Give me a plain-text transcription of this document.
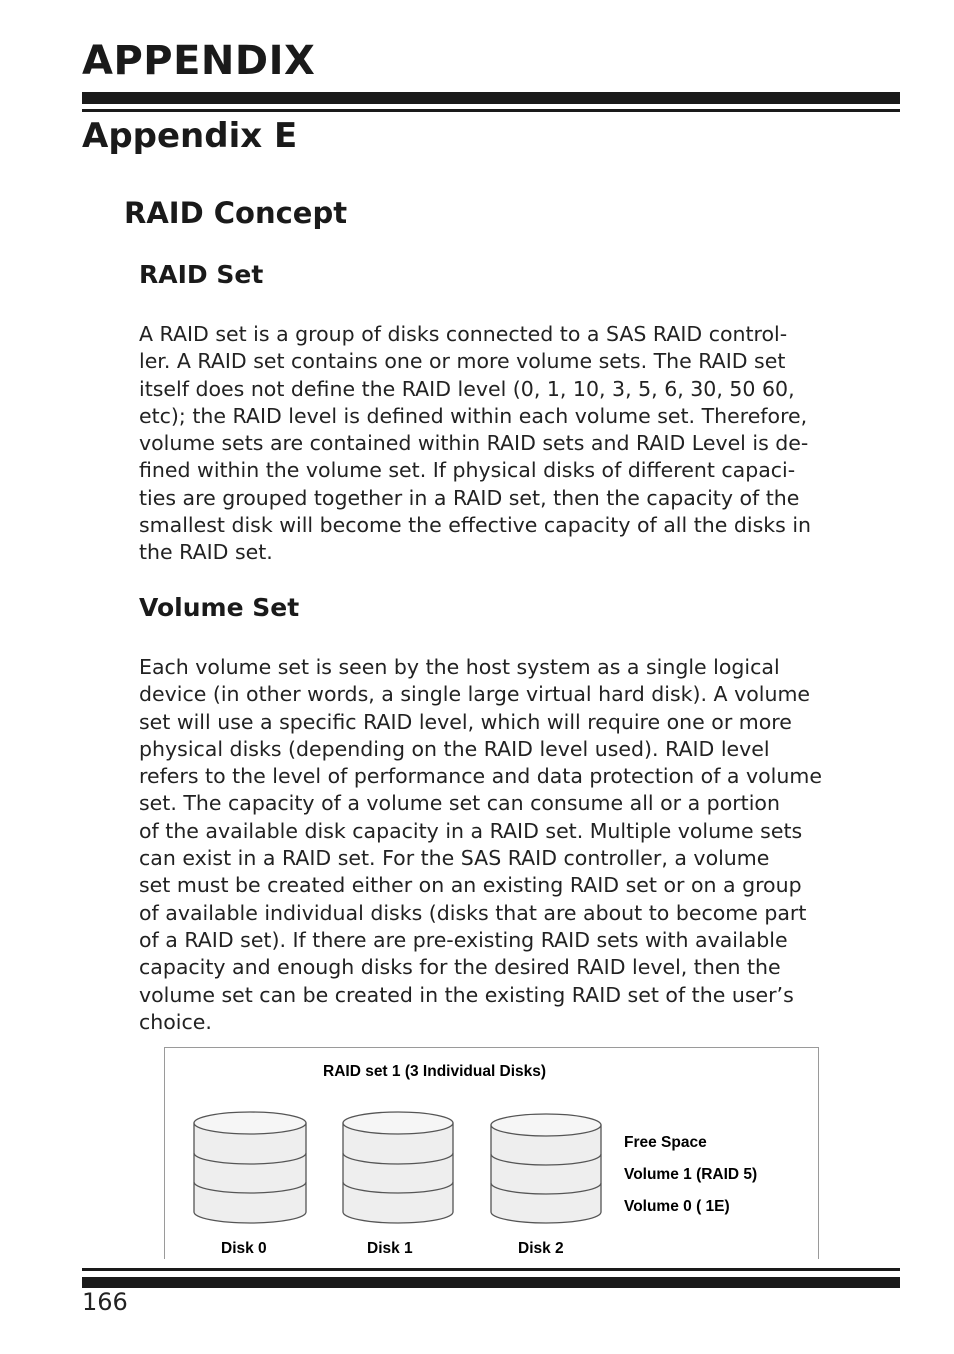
APPENDIX
Appendix E
RAID Concept
RAID Set

A RAID set is a group of disks connected to a SAS RAID control-
ler. A RAID set contains one or more volume sets. The RAID set
itself does not define the RAID level (0, 1, 10, 3, 5, 6, 30, 50 60,
etc); the RAID level is defined within each volume set. Therefore,
volume sets are contained within RAID sets and RAID Level is de-
fined within the volume set. If physical disks of different capaci-
ties are grouped together in a RAID set, then the capacity of the
smallest disk will become the effective capacity of all the disks in
the RAID set.

Volume Set

Each volume set is seen by the host system as a single logical
device (in other words, a single large virtual hard disk). A volume
set will use a specific RAID level, which will require one or more
physical disks (depending on the RAID level used). RAID level
refers to the level of performance and data protection of a volume
set. The capacity of a volume set can consume all or a portion
of the available disk capacity in a RAID set. Multiple volume sets
can exist in a RAID set. For the SAS RAID controller, a volume
set must be created either on an existing RAID set or on a group
of available individual disks (disks that are about to become part
of a RAID set). If there are pre-existing RAID sets with available
capacity and enough disks for the desired RAID level, then the
volume set can be created in the existing RAID set of the user’s
choice.

RAID set 1 (3 Individual Disks)
Free Space
Volume 1 (RAID 5)
Volume 0 ( 1E)
Disk 0	Disk 1	Disk 2
166
